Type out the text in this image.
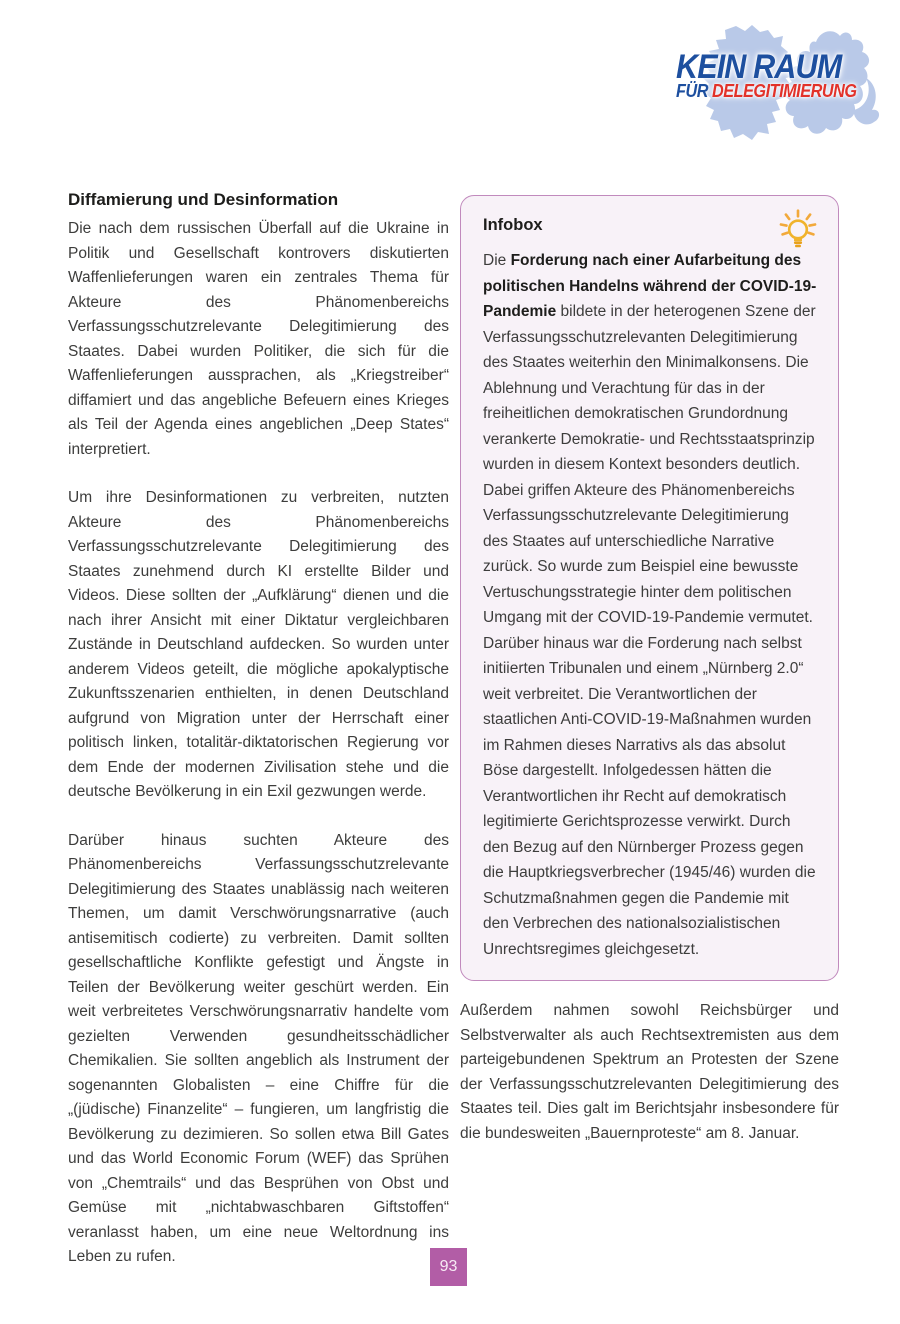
KEIN RAUM
FÜR DELEGITIMIERUNG
Diffamierung und Desinformation

Die nach dem russischen Überfall auf die Ukraine in Politik und Gesellschaft kontrovers diskutierten Waffenlieferungen waren ein zentrales Thema für Akteure des Phänomenbereichs Verfassungsschutzrelevante Delegitimierung des Staates. Dabei wurden Politiker, die sich für die Waffenlieferungen aussprachen, als „Kriegstreiber“ diffamiert und das angebliche Befeuern eines Krieges als Teil der Agenda eines angeblichen „Deep States“ interpretiert.

Um ihre Desinformationen zu verbreiten, nutzten Akteure des Phänomenbereichs Verfassungsschutzrelevante Delegitimierung des Staates zunehmend durch KI erstellte Bilder und Videos. Diese sollten der „Aufklärung“ dienen und die nach ihrer Ansicht mit einer Diktatur vergleichbaren Zustände in Deutschland aufdecken. So wurden unter anderem Videos geteilt, die mögliche apokalyptische Zukunftsszenarien enthielten, in denen Deutschland aufgrund von Migration unter der Herrschaft einer politisch linken, totalitär-diktatorischen Regierung vor dem Ende der modernen Zivilisation stehe und die deutsche Bevölkerung in ein Exil gezwungen werde.

Darüber hinaus suchten Akteure des Phänomenbereichs Verfassungsschutzrelevante Delegitimierung des Staates unablässig nach weiteren Themen, um damit Verschwörungsnarrative (auch antisemitisch codierte) zu verbreiten. Damit sollten gesellschaftliche Konflikte gefestigt und Ängste in Teilen der Bevölkerung weiter geschürt werden. Ein weit verbreitetes Verschwörungsnarrativ handelte vom gezielten Verwenden gesundheitsschädlicher Chemikalien. Sie sollten angeblich als Instrument der sogenannten Globalisten – eine Chiffre für die „(jüdische) Finanzelite“ – fungieren, um langfristig die Bevölkerung zu dezimieren. So sollen etwa Bill Gates und das World Economic Forum (WEF) das Sprühen von „Chemtrails“ und das Besprühen von Obst und Gemüse mit „nichtabwaschbaren Giftstoffen“ veranlasst haben, um eine neue Weltordnung ins Leben zu rufen.

Infobox

Die Forderung nach einer Aufarbeitung des politischen Handelns während der COVID-19-Pandemie bildete in der heterogenen Szene der Verfassungsschutzrelevanten Delegitimierung des Staates weiterhin den Minimalkonsens. Die Ablehnung und Verachtung für das in der freiheitlichen demokratischen Grundordnung verankerte Demokratie- und Rechtsstaatsprinzip wurden in diesem Kontext besonders deutlich. Dabei griffen Akteure des Phänomenbereichs Verfassungsschutzrelevante Delegitimierung des Staates auf unterschiedliche Narrative zurück. So wurde zum Beispiel eine bewusste Vertuschungsstrategie hinter dem politischen Umgang mit der COVID-19-Pandemie vermutet. Darüber hinaus war die Forderung nach selbst initiierten Tribunalen und einem „Nürnberg 2.0“ weit verbreitet. Die Verantwortlichen der staatlichen Anti-COVID-19-Maßnahmen wurden im Rahmen dieses Narrativs als das absolut Böse dargestellt. Infolgedessen hätten die Verantwortlichen ihr Recht auf demokratisch legitimierte Gerichtsprozesse verwirkt. Durch den Bezug auf den Nürnberger Prozess gegen die Hauptkriegsverbrecher (1945/46) wurden die Schutzmaßnahmen gegen die Pandemie mit den Verbrechen des nationalsozialistischen Unrechtsregimes gleichgesetzt.

Außerdem nahmen sowohl Reichsbürger und Selbstverwalter als auch Rechtsextremisten aus dem parteigebundenen Spektrum an Protesten der Szene der Verfassungsschutzrelevanten Delegitimierung des Staates teil. Dies galt im Berichtsjahr insbesondere für die bundesweiten „Bauernproteste“ am 8. Januar.

93
